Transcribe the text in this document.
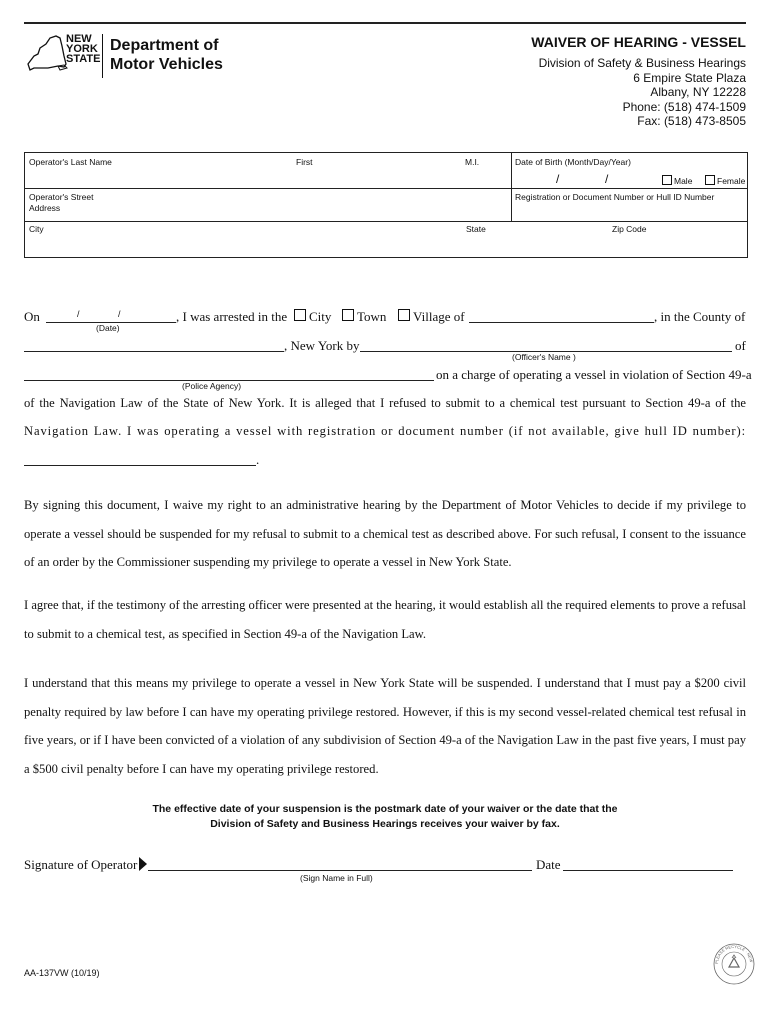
NEW
YORK
STATE
Department of
Motor Vehicles
WAIVER OF HEARING - VESSEL
Division of Safety & Business Hearings
6 Empire State Plaza
Albany, NY 12228
Phone: (518) 474-1509
Fax: (518) 473-8505
Operator's Last Name	First	M.I.	Date of Birth (Month/Day/Year)
/	/	Male	Female
Operator's Street
Address
Registration or Document Number or Hull ID Number
City	State	Zip Code
On	/	/
(Date)
, I was arrested in the	City	Town	Village of	, in the County of
, New York by	of
(Officer's Name )
on a charge of operating a vessel in violation of Section 49-a
(Police Agency)
of the Navigation Law of the State of New York. It is alleged that I refused to submit to a chemical test pursuant to Section 49-a of the
Navigation Law. I was operating a vessel with registration or document number (if not available, give hull ID number):
.
By signing this document, I waive my right to an administrative hearing by the Department of Motor Vehicles to decide if my privilege to operate a vessel should be suspended for my refusal to submit to a chemical test as described above. For such refusal, I consent to the issuance of an order by the Commissioner suspending my privilege to operate a vessel in New York State.
I agree that, if the testimony of the arresting officer were presented at the hearing, it would establish all the required elements to prove a refusal to submit to a chemical test, as specified in Section 49-a of the Navigation Law.
I understand that this means my privilege to operate a vessel in New York State will be suspended. I understand that I must pay a $200 civil penalty required by law before I can have my operating privilege restored. However, if this is my second vessel-related chemical test refusal in five years, or if I have been convicted of a violation of any subdivision of Section 49-a of the Navigation Law in the past five years, I must pay a $500 civil penalty before I can have my operating privilege restored.
The effective date of your suspension is the postmark date of your waiver or the date that the
Division of Safety and Business Hearings receives your waiver by fax.
Signature of Operator
(Sign Name in Full)
Date
AA-137VW (10/19)
PLEASE RECYCLE · NEW
